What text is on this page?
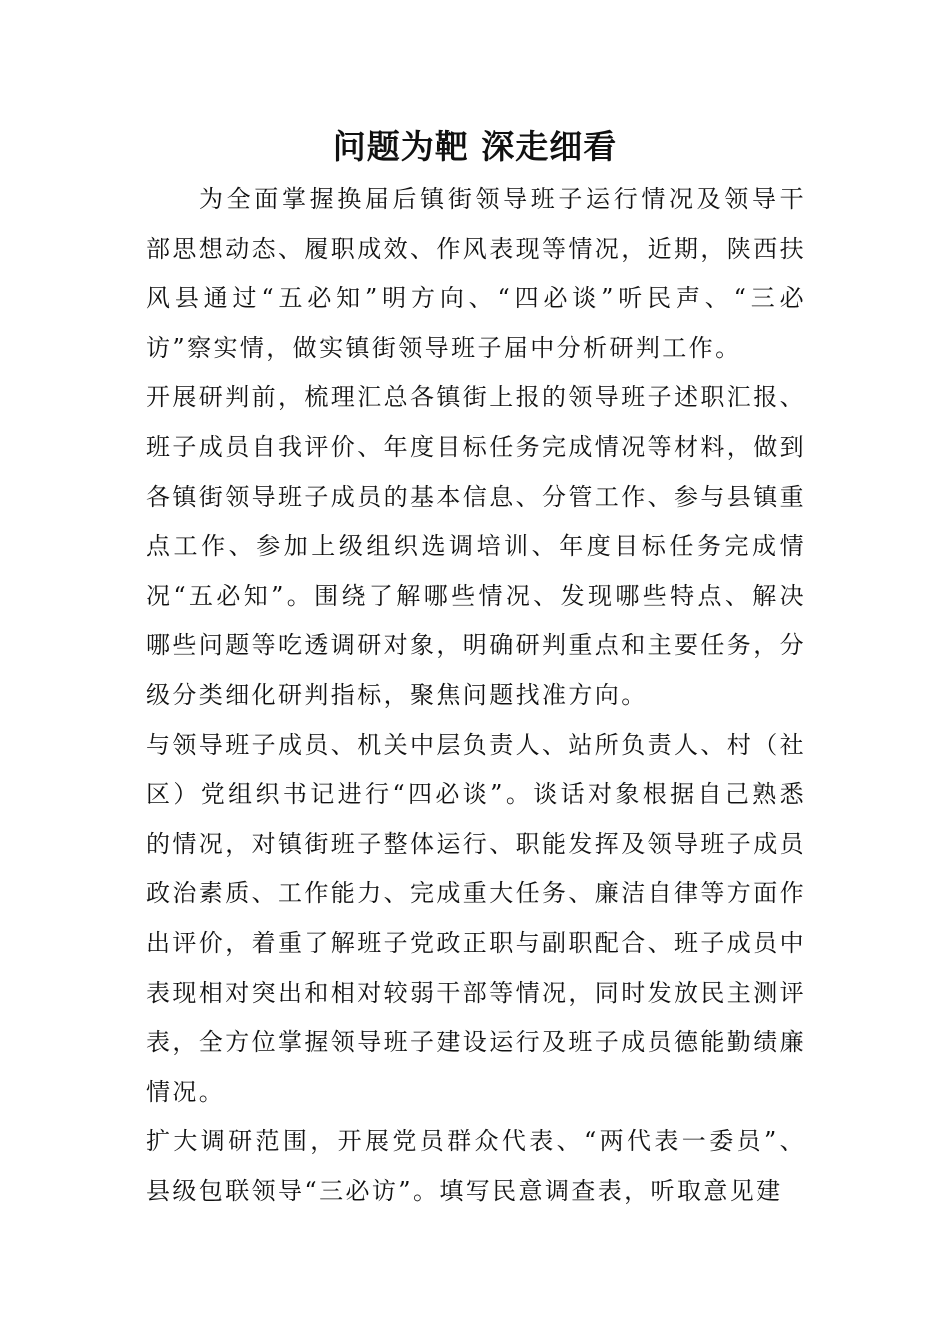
问题为靶 深走细看

为全面掌握换届后镇街领导班子运行情况及领导干部思想动态、履职成效、作风表现等情况，近期，陕西扶风县通过“五必知”明方向、“四必谈”听民声、“三必访”察实情，做实镇街领导班子届中分析研判工作。

开展研判前，梳理汇总各镇街上报的领导班子述职汇报、班子成员自我评价、年度目标任务完成情况等材料，做到各镇街领导班子成员的基本信息、分管工作、参与县镇重点工作、参加上级组织选调培训、年度目标任务完成情况“五必知”。围绕了解哪些情况、发现哪些特点、解决哪些问题等吃透调研对象，明确研判重点和主要任务，分级分类细化研判指标，聚焦问题找准方向。

与领导班子成员、机关中层负责人、站所负责人、村（社区）党组织书记进行“四必谈”。谈话对象根据自己熟悉的情况，对镇街班子整体运行、职能发挥及领导班子成员政治素质、工作能力、完成重大任务、廉洁自律等方面作出评价，着重了解班子党政正职与副职配合、班子成员中表现相对突出和相对较弱干部等情况，同时发放民主测评表，全方位掌握领导班子建设运行及班子成员德能勤绩廉情况。

扩大调研范围，开展党员群众代表、“两代表一委员”、县级包联领导“三必访”。填写民意调查表，听取意见建
